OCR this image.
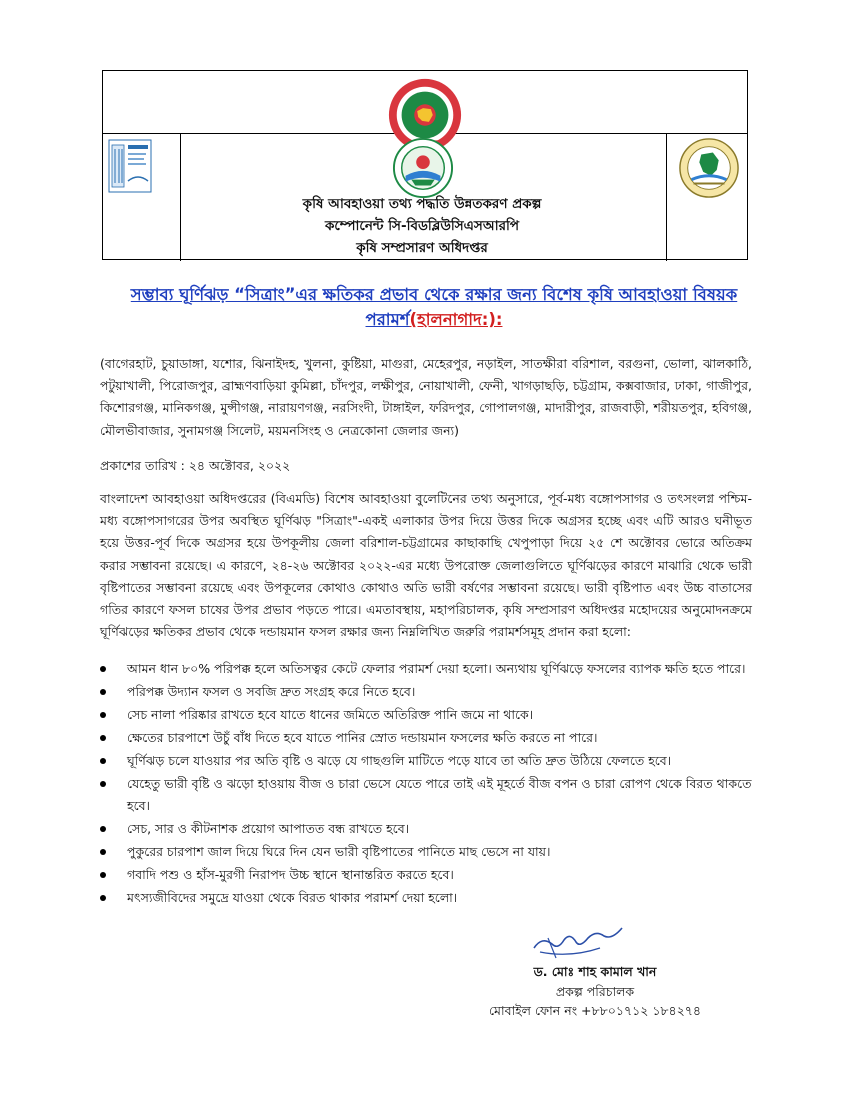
কৃষি আবহাওয়া তথ্য পদ্ধতি উন্নতকরণ প্রকল্প
কম্পোনেন্ট সি-বিডব্লিউসিএসআরপি
কৃষি সম্প্রসারণ অধিদপ্তর
সম্ভাব্য ঘূর্ণিঝড় “সিত্রাং”এর ক্ষতিকর প্রভাব থেকে রক্ষার জন্য বিশেষ কৃষি আবহাওয়া বিষয়ক
পরামর্শ(হালনাগাদ:):
(বাগেরহাট, চুয়াডাঙ্গা, যশোর, ঝিনাইদহ, খুলনা, কুষ্টিয়া, মাগুরা, মেহেরপুর, নড়াইল, সাতক্ষীরা বরিশাল, বরগুনা, ভোলা, ঝালকাঠি, পটুয়াখালী, পিরোজপুর, ব্রাহ্মণবাড়িয়া কুমিল্লা, চাঁদপুর, লক্ষীপুর, নোয়াখালী, ফেনী, খাগড়াছড়ি, চট্টগ্রাম, কক্সবাজার, ঢাকা, গাজীপুর, কিশোরগঞ্জ, মানিকগঞ্জ, মুন্সীগঞ্জ, নারায়ণগঞ্জ, নরসিংদী, টাঙ্গাইল, ফরিদপুর, গোপালগঞ্জ, মাদারীপুর, রাজবাড়ী, শরীয়তপুর, হবিগঞ্জ, মৌলভীবাজার, সুনামগঞ্জ সিলেট, ময়মনসিংহ ও নেত্রকোনা জেলার জন্য)
প্রকাশের তারিখ : ২৪ অক্টোবর, ২০২২
বাংলাদেশ আবহাওয়া অধিদপ্তরের (বিএমডি) বিশেষ আবহাওয়া বুলেটিনের তথ্য অনুসারে, পূর্ব-মধ্য বঙ্গোপসাগর ও তৎসংলগ্ন পশ্চিম-মধ্য বঙ্গোপসাগরের উপর অবস্থিত ঘূর্ণিঝড় "সিত্রাং"-একই এলাকার উপর দিয়ে উত্তর দিকে অগ্রসর হচ্ছে এবং এটি আরও ঘনীভূত হয়ে উত্তর-পূর্ব দিকে অগ্রসর হয়ে উপকূলীয় জেলা বরিশাল-চট্টগ্রামের কাছাকাছি খেপুপাড়া দিয়ে ২৫ শে অক্টোবর ভোরে অতিক্রম করার সম্ভাবনা রয়েছে। এ কারণে, ২৪-২৬ অক্টোবর ২০২২-এর মধ্যে উপরোক্ত জেলাগুলিতে ঘূর্ণিঝড়ের কারণে মাঝারি থেকে ভারী বৃষ্টিপাতের সম্ভাবনা রয়েছে এবং উপকূলের কোথাও কোথাও অতি ভারী বর্ষণের সম্ভাবনা রয়েছে। ভারী বৃষ্টিপাত এবং উচ্চ বাতাসের গতির কারণে ফসল চাষের উপর প্রভাব পড়তে পারে। এমতাবস্থায়, মহাপরিচালক, কৃষি সম্প্রসারণ অধিদপ্তর মহোদয়ের অনুমোদনক্রমে ঘূর্ণিঝড়ের ক্ষতিকর প্রভাব থেকে দন্ডায়মান ফসল রক্ষার জন্য নিম্নলিখিত জরুরি পরামর্শসমূহ প্রদান করা হলো:
আমন ধান ৮০% পরিপক্ক হলে অতিসত্বর কেটে ফেলার পরামর্শ দেয়া হলো। অন্যথায় ঘূর্ণিঝড়ে ফসলের ব্যাপক ক্ষতি হতে পারে।
পরিপক্ক উদ্যান ফসল ও সবজি দ্রুত সংগ্রহ করে নিতে হবে।
সেচ নালা পরিষ্কার রাখতে হবে যাতে ধানের জমিতে অতিরিক্ত পানি জমে না থাকে।
ক্ষেতের চারপাশে উচুঁ বাঁধ দিতে হবে যাতে পানির স্রোত দন্ডায়মান ফসলের ক্ষতি করতে না পারে।
ঘূর্ণিঝড় চলে যাওয়ার পর অতি বৃষ্টি ও ঝড়ে যে গাছগুলি মাটিতে পড়ে যাবে তা অতি দ্রুত উঠিয়ে ফেলতে হবে।
যেহেতু ভারী বৃষ্টি ও ঝড়ো হাওয়ায় বীজ ও চারা ভেসে যেতে পারে তাই এই মূহর্তে বীজ বপন ও চারা রোপণ থেকে বিরত থাকতে হবে।
সেচ, সার ও কীটনাশক প্রয়োগ আপাতত বন্ধ রাখতে হবে।
পুকুরের চারপাশ জাল দিয়ে ঘিরে দিন যেন ভারী বৃষ্টিপাতের পানিতে মাছ ভেসে না যায়।
গবাদি পশু ও হাঁস-মুরগী নিরাপদ উচ্চ স্থানে স্থানান্তরিত করতে হবে।
মৎস্যজীবিদের সমুদ্রে যাওয়া থেকে বিরত থাকার পরামর্শ দেয়া হলো।
ড. মোঃ শাহ কামাল খান
প্রকল্প পরিচালক
মোবাইল ফোন নং +৮৮০১৭১২ ১৮৪২৭৪
